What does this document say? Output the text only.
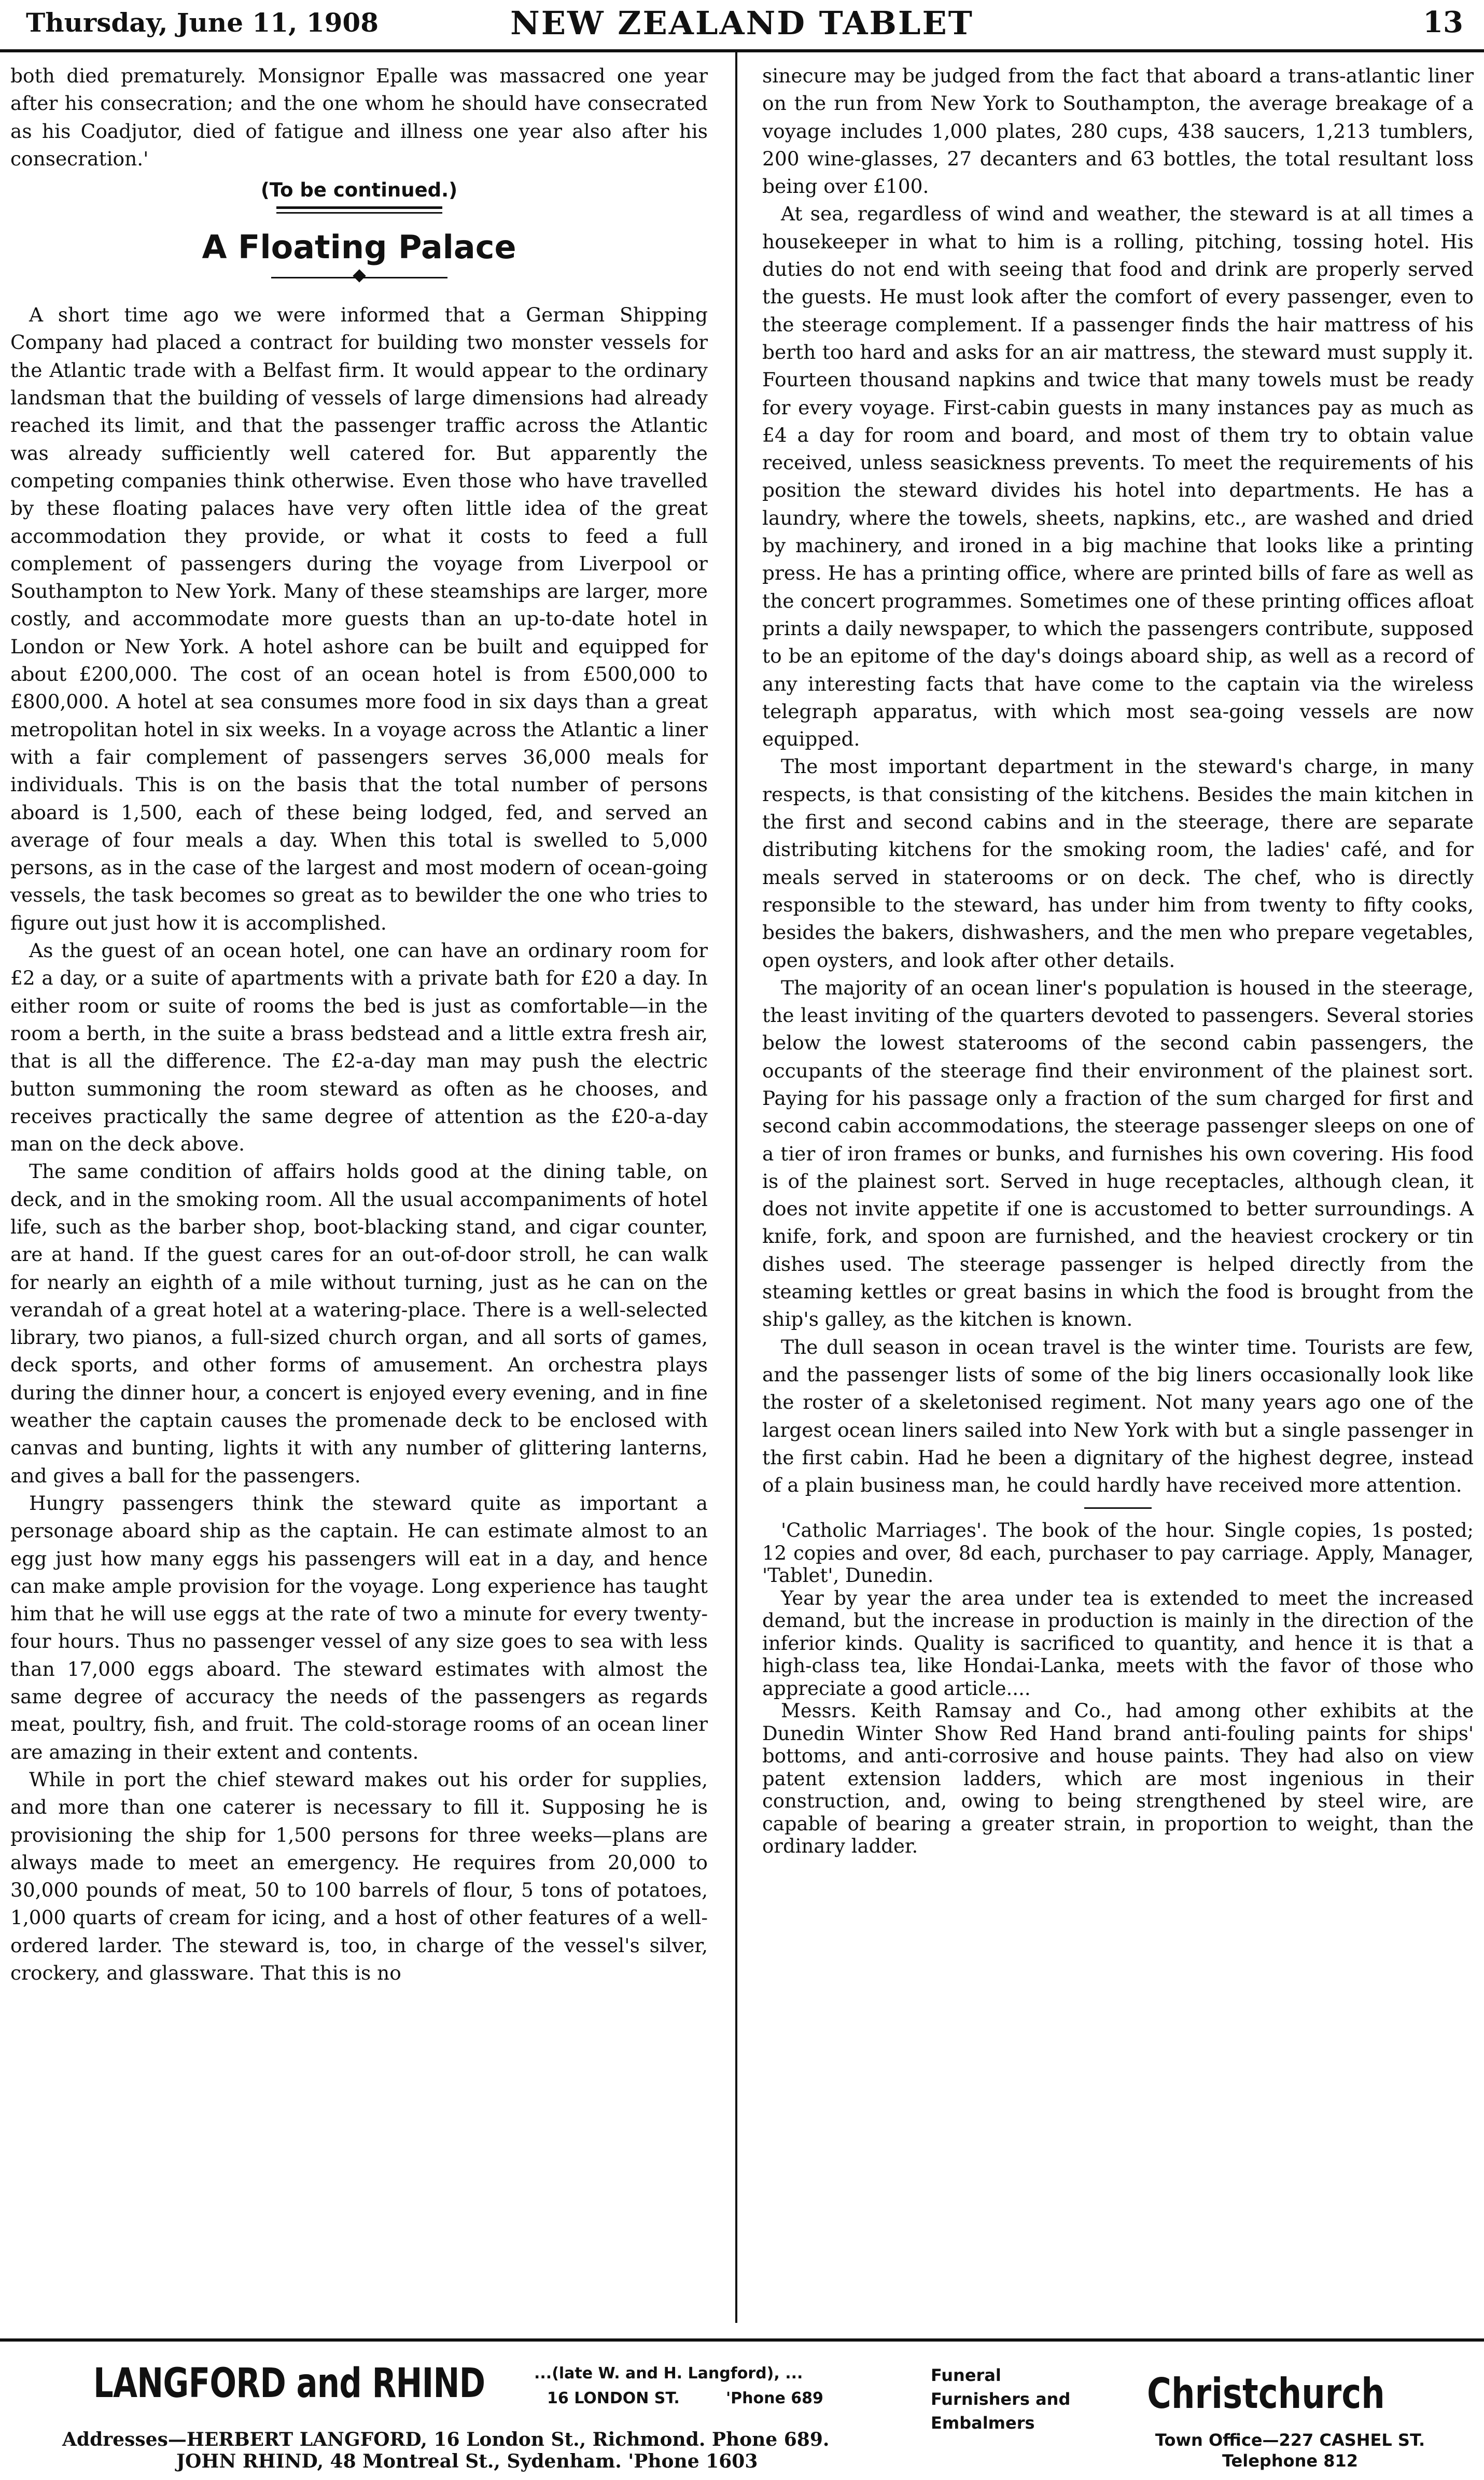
Thursday, June 11, 1908	NEW ZEALAND TABLET	13

both died prematurely. Monsignor Epalle was massacred one year after his consecration; and the one whom he should have consecrated as his Coadjutor, died of fatigue and illness one year also after his consecration.'

(To be continued.)
A Floating Palace

A short time ago we were informed that a German Shipping Company had placed a contract for building two monster vessels for the Atlantic trade with a Belfast firm. It would appear to the ordinary landsman that the building of vessels of large dimensions had already reached its limit, and that the passenger traffic across the Atlantic was already sufficiently well catered for. But apparently the competing companies think otherwise. Even those who have travelled by these floating palaces have very often little idea of the great accommodation they provide, or what it costs to feed a full complement of passengers during the voyage from Liverpool or Southampton to New York. Many of these steamships are larger, more costly, and accommodate more guests than an up-to-date hotel in London or New York. A hotel ashore can be built and equipped for about £200,000. The cost of an ocean hotel is from £500,000 to £800,000. A hotel at sea consumes more food in six days than a great metropolitan hotel in six weeks. In a voyage across the Atlantic a liner with a fair complement of passengers serves 36,000 meals for individuals. This is on the basis that the total number of persons aboard is 1,500, each of these being lodged, fed, and served an average of four meals a day. When this total is swelled to 5,000 persons, as in the case of the largest and most modern of ocean-going vessels, the task becomes so great as to bewilder the one who tries to figure out just how it is accomplished.

As the guest of an ocean hotel, one can have an ordinary room for £2 a day, or a suite of apartments with a private bath for £20 a day. In either room or suite of rooms the bed is just as comfortable—in the room a berth, in the suite a brass bedstead and a little extra fresh air, that is all the difference. The £2-a-day man may push the electric button summoning the room steward as often as he chooses, and receives practically the same degree of attention as the £20-a-day man on the deck above.

The same condition of affairs holds good at the dining table, on deck, and in the smoking room. All the usual accompaniments of hotel life, such as the barber shop, boot-blacking stand, and cigar counter, are at hand. If the guest cares for an out-of-door stroll, he can walk for nearly an eighth of a mile without turning, just as he can on the verandah of a great hotel at a watering-place. There is a well-selected library, two pianos, a full-sized church organ, and all sorts of games, deck sports, and other forms of amusement. An orchestra plays during the dinner hour, a concert is enjoyed every evening, and in fine weather the captain causes the promenade deck to be enclosed with canvas and bunting, lights it with any number of glittering lanterns, and gives a ball for the passengers.

Hungry passengers think the steward quite as important a personage aboard ship as the captain. He can estimate almost to an egg just how many eggs his passengers will eat in a day, and hence can make ample provision for the voyage. Long experience has taught him that he will use eggs at the rate of two a minute for every twenty-four hours. Thus no passenger vessel of any size goes to sea with less than 17,000 eggs aboard. The steward estimates with almost the same degree of accuracy the needs of the passengers as regards meat, poultry, fish, and fruit. The cold-storage rooms of an ocean liner are amazing in their extent and contents.

While in port the chief steward makes out his order for supplies, and more than one caterer is necessary to fill it. Supposing he is provisioning the ship for 1,500 persons for three weeks—plans are always made to meet an emergency. He requires from 20,000 to 30,000 pounds of meat, 50 to 100 barrels of flour, 5 tons of potatoes, 1,000 quarts of cream for icing, and a host of other features of a well-ordered larder. The steward is, too, in charge of the vessel's silver, crockery, and glassware. That this is no

sinecure may be judged from the fact that aboard a trans-atlantic liner on the run from New York to Southampton, the average breakage of a voyage includes 1,000 plates, 280 cups, 438 saucers, 1,213 tumblers, 200 wine-glasses, 27 decanters and 63 bottles, the total resultant loss being over £100.

At sea, regardless of wind and weather, the steward is at all times a housekeeper in what to him is a rolling, pitching, tossing hotel. His duties do not end with seeing that food and drink are properly served the guests. He must look after the comfort of every passenger, even to the steerage complement. If a passenger finds the hair mattress of his berth too hard and asks for an air mattress, the steward must supply it. Fourteen thousand napkins and twice that many towels must be ready for every voyage. First-cabin guests in many instances pay as much as £4 a day for room and board, and most of them try to obtain value received, unless seasickness prevents. To meet the requirements of his position the steward divides his hotel into departments. He has a laundry, where the towels, sheets, napkins, etc., are washed and dried by machinery, and ironed in a big machine that looks like a printing press. He has a printing office, where are printed bills of fare as well as the concert programmes. Sometimes one of these printing offices afloat prints a daily newspaper, to which the passengers contribute, supposed to be an epitome of the day's doings aboard ship, as well as a record of any interesting facts that have come to the captain via the wireless telegraph apparatus, with which most sea-going vessels are now equipped.

The most important department in the steward's charge, in many respects, is that consisting of the kitchens. Besides the main kitchen in the first and second cabins and in the steerage, there are separate distributing kitchens for the smoking room, the ladies' café, and for meals served in staterooms or on deck. The chef, who is directly responsible to the steward, has under him from twenty to fifty cooks, besides the bakers, dishwashers, and the men who prepare vegetables, open oysters, and look after other details.

The majority of an ocean liner's population is housed in the steerage, the least inviting of the quarters devoted to passengers. Several stories below the lowest staterooms of the second cabin passengers, the occupants of the steerage find their environment of the plainest sort. Paying for his passage only a fraction of the sum charged for first and second cabin accommodations, the steerage passenger sleeps on one of a tier of iron frames or bunks, and furnishes his own covering. His food is of the plainest sort. Served in huge receptacles, although clean, it does not invite appetite if one is accustomed to better surroundings. A knife, fork, and spoon are furnished, and the heaviest crockery or tin dishes used. The steerage passenger is helped directly from the steaming kettles or great basins in which the food is brought from the ship's galley, as the kitchen is known.

The dull season in ocean travel is the winter time. Tourists are few, and the passenger lists of some of the big liners occasionally look like the roster of a skeletonised regiment. Not many years ago one of the largest ocean liners sailed into New York with but a single passenger in the first cabin. Had he been a dignitary of the highest degree, instead of a plain business man, he could hardly have received more attention.

'Catholic Marriages'. The book of the hour. Single copies, 1s posted; 12 copies and over, 8d each, purchaser to pay carriage. Apply, Manager, 'Tablet', Dunedin.

Year by year the area under tea is extended to meet the increased demand, but the increase in production is mainly in the direction of the inferior kinds. Quality is sacrificed to quantity, and hence it is that a high-class tea, like Hondai-Lanka, meets with the favor of those who appreciate a good article....

Messrs. Keith Ramsay and Co., had among other exhibits at the Dunedin Winter Show Red Hand brand anti-fouling paints for ships' bottoms, and anti-corrosive and house paints. They had also on view patent extension ladders, which are most ingenious in their construction, and, owing to being strengthened by steel wire, are capable of bearing a greater strain, in proportion to weight, than the ordinary ladder.

LANGFORD and RHIND	...(late W. and H. Langford), ...
16 LONDON ST.	'Phone 689
Funeral Furnishers and Embalmers
Christchurch
Town Office—227 CASHEL ST. Telephone 812
Addresses—HERBERT LANGFORD, 16 London St., Richmond. Phone 689.
JOHN RHIND, 48 Montreal St., Sydenham. 'Phone 1603
